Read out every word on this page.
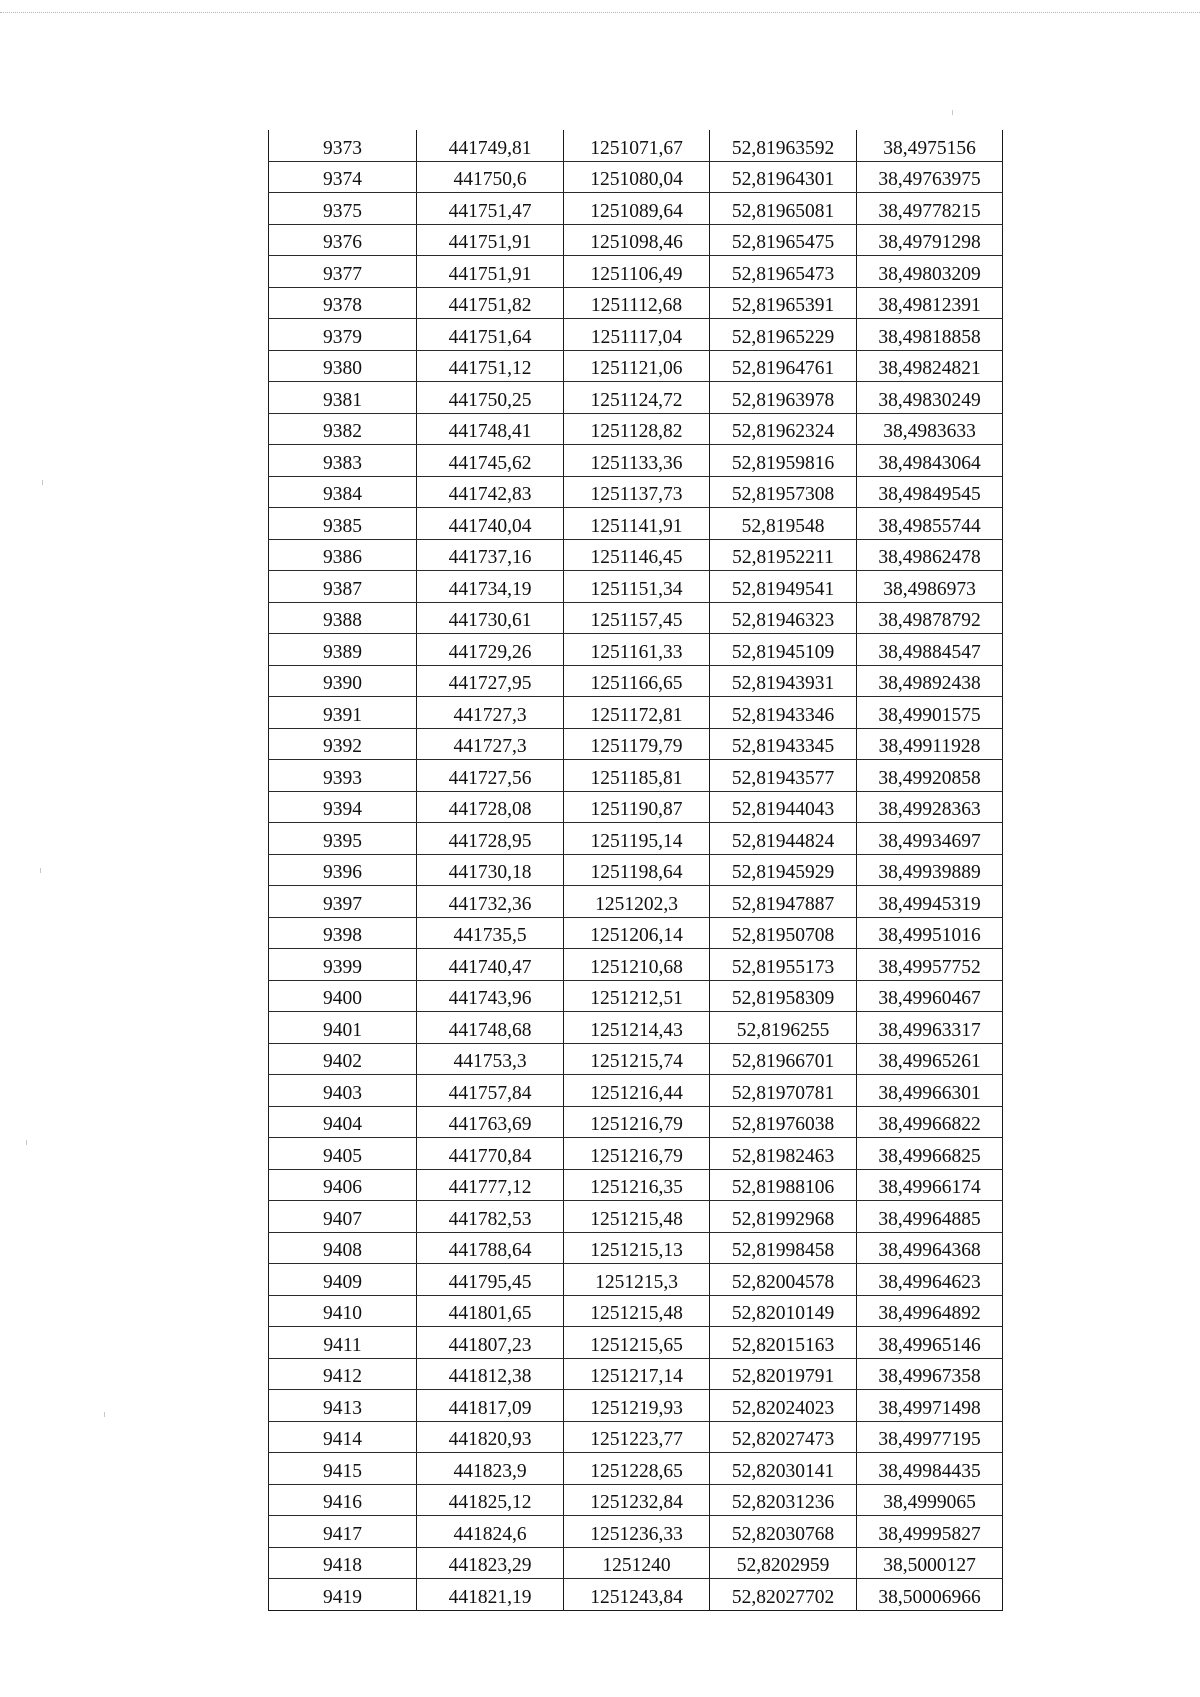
9373	441749,81	1251071,67	52,81963592	38,4975156
9374	441750,6	1251080,04	52,81964301	38,49763975
9375	441751,47	1251089,64	52,81965081	38,49778215
9376	441751,91	1251098,46	52,81965475	38,49791298
9377	441751,91	1251106,49	52,81965473	38,49803209
9378	441751,82	1251112,68	52,81965391	38,49812391
9379	441751,64	1251117,04	52,81965229	38,49818858
9380	441751,12	1251121,06	52,81964761	38,49824821
9381	441750,25	1251124,72	52,81963978	38,49830249
9382	441748,41	1251128,82	52,81962324	38,4983633
9383	441745,62	1251133,36	52,81959816	38,49843064
9384	441742,83	1251137,73	52,81957308	38,49849545
9385	441740,04	1251141,91	52,819548	38,49855744
9386	441737,16	1251146,45	52,81952211	38,49862478
9387	441734,19	1251151,34	52,81949541	38,4986973
9388	441730,61	1251157,45	52,81946323	38,49878792
9389	441729,26	1251161,33	52,81945109	38,49884547
9390	441727,95	1251166,65	52,81943931	38,49892438
9391	441727,3	1251172,81	52,81943346	38,49901575
9392	441727,3	1251179,79	52,81943345	38,49911928
9393	441727,56	1251185,81	52,81943577	38,49920858
9394	441728,08	1251190,87	52,81944043	38,49928363
9395	441728,95	1251195,14	52,81944824	38,49934697
9396	441730,18	1251198,64	52,81945929	38,49939889
9397	441732,36	1251202,3	52,81947887	38,49945319
9398	441735,5	1251206,14	52,81950708	38,49951016
9399	441740,47	1251210,68	52,81955173	38,49957752
9400	441743,96	1251212,51	52,81958309	38,49960467
9401	441748,68	1251214,43	52,8196255	38,49963317
9402	441753,3	1251215,74	52,81966701	38,49965261
9403	441757,84	1251216,44	52,81970781	38,49966301
9404	441763,69	1251216,79	52,81976038	38,49966822
9405	441770,84	1251216,79	52,81982463	38,49966825
9406	441777,12	1251216,35	52,81988106	38,49966174
9407	441782,53	1251215,48	52,81992968	38,49964885
9408	441788,64	1251215,13	52,81998458	38,49964368
9409	441795,45	1251215,3	52,82004578	38,49964623
9410	441801,65	1251215,48	52,82010149	38,49964892
9411	441807,23	1251215,65	52,82015163	38,49965146
9412	441812,38	1251217,14	52,82019791	38,49967358
9413	441817,09	1251219,93	52,82024023	38,49971498
9414	441820,93	1251223,77	52,82027473	38,49977195
9415	441823,9	1251228,65	52,82030141	38,49984435
9416	441825,12	1251232,84	52,82031236	38,4999065
9417	441824,6	1251236,33	52,82030768	38,49995827
9418	441823,29	1251240	52,8202959	38,5000127
9419	441821,19	1251243,84	52,82027702	38,50006966
